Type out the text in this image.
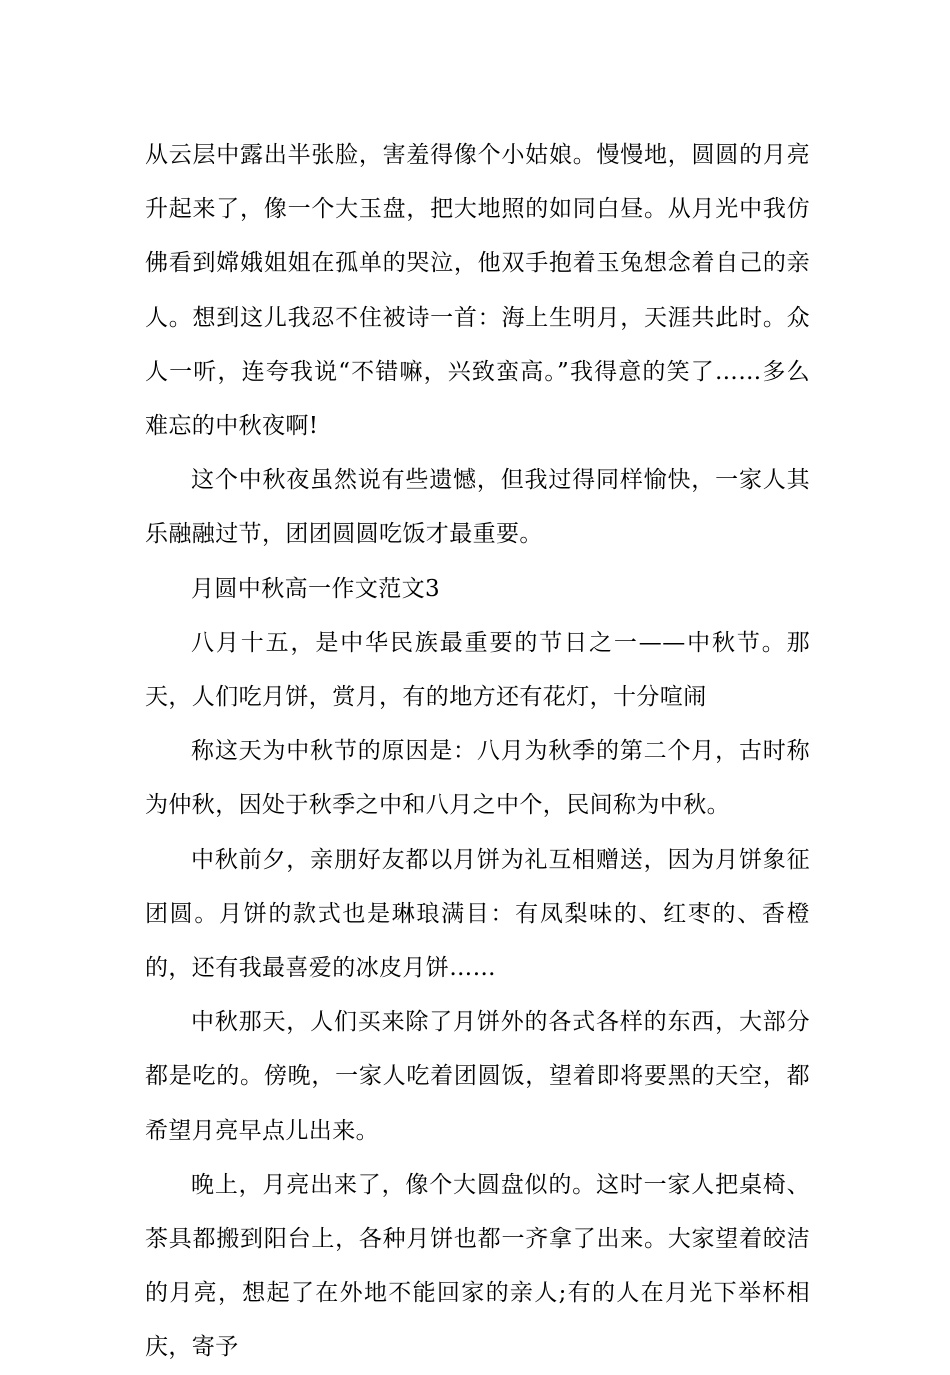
从云层中露出半张脸，害羞得像个小姑娘。慢慢地，圆圆的月亮升起来了，像一个大玉盘，把大地照的如同白昼。从月光中我仿佛看到嫦娥姐姐在孤单的哭泣，他双手抱着玉兔想念着自己的亲人。想到这儿我忍不住被诗一首：海上生明月，天涯共此时。众人一听，连夸我说“不错嘛，兴致蛮高。”我得意的笑了……多么难忘的中秋夜啊!

这个中秋夜虽然说有些遗憾，但我过得同样愉快，一家人其乐融融过节，团团圆圆吃饭才最重要。

月圆中秋高一作文范文3

八月十五，是中华民族最重要的节日之一——中秋节。那天，人们吃月饼，赏月，有的地方还有花灯，十分喧闹

称这天为中秋节的原因是：八月为秋季的第二个月，古时称为仲秋，因处于秋季之中和八月之中个，民间称为中秋。

中秋前夕，亲朋好友都以月饼为礼互相赠送，因为月饼象征团圆。月饼的款式也是琳琅满目：有凤梨味的、红枣的、香橙的，还有我最喜爱的冰皮月饼……

中秋那天，人们买来除了月饼外的各式各样的东西，大部分都是吃的。傍晚，一家人吃着团圆饭，望着即将要黑的天空，都希望月亮早点儿出来。

晚上，月亮出来了，像个大圆盘似的。这时一家人把桌椅、茶具都搬到阳台上，各种月饼也都一齐拿了出来。大家望着皎洁的月亮，想起了在外地不能回家的亲人;有的人在月光下举杯相庆，寄予
